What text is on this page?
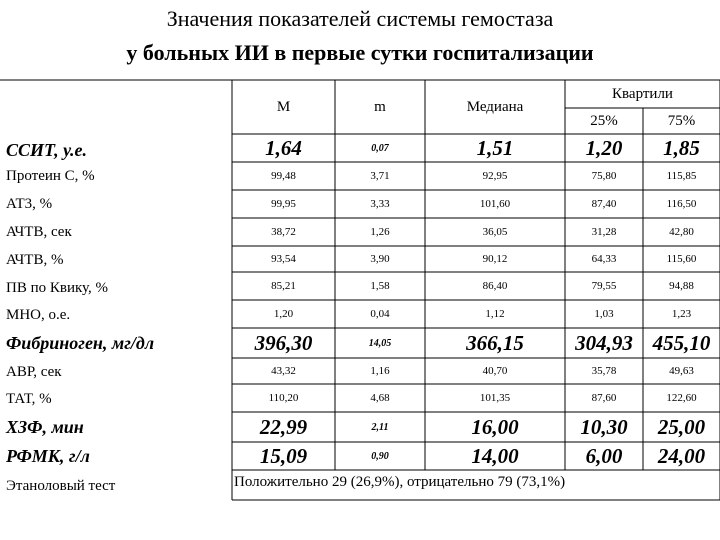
Значения показателей системы гемостаза
у больных ИИ в первые сутки госпитализации
M	m	Медиана
Квартили
25%	75%
ССИТ, у.е.	1,64	0,07	1,51	1,20	1,85
Протеин С, %	99,48	3,71	92,95	75,80	115,85
АТ3, %	99,95	3,33	101,60	87,40	116,50
АЧТВ, сек	38,72	1,26	36,05	31,28	42,80
АЧТВ, %	93,54	3,90	90,12	64,33	115,60
ПВ по Квику, %	85,21	1,58	86,40	79,55	94,88
МНО, о.е.	1,20	0,04	1,12	1,03	1,23
Фибриноген, мг/дл	396,30	14,05	366,15	304,93 455,10
АВР, сек	43,32	1,16	40,70	35,78	49,63
ТАТ, %	110,20	4,68	101,35	87,60	122,60
ХЗФ, мин	22,99	2,11	16,00	10,30	25,00
РФМК, г/л	15,09	0,90	14,00	6,00	24,00
Этаноловый тест	Положительно 29 (26,9%), отрицательно 79 (73,1%)
